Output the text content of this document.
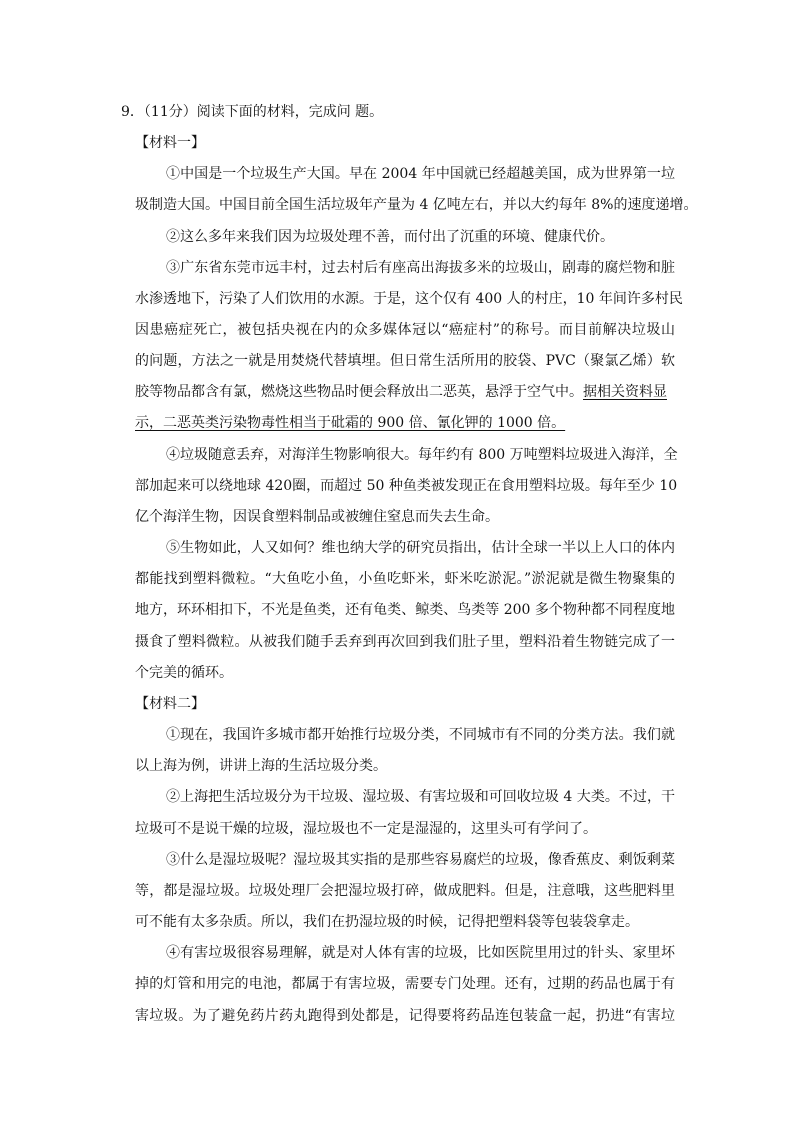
9．（11分）阅读下面的材料，完成问 题。
【材料一】
①中国是一个垃圾生产大国。早在 2004 年中国就已经超越美国，成为世界第一垃
圾制造大国。中国目前全国生活垃圾年产量为 4 亿吨左右，并以大约每年 8%的速度递增。
②这么多年来我们因为垃圾处理不善，而付出了沉重的环境、健康代价。
③广东省东莞市远丰村，过去村后有座高出海拔多米的垃圾山，剧毒的腐烂物和脏
水渗透地下，污染了人们饮用的水源。于是，这个仅有 400 人的村庄，10 年间许多村民
因患癌症死亡，被包括央视在内的众多媒体冠以“癌症村”的称号。而目前解决垃圾山
的问题，方法之一就是用焚烧代替填埋。但日常生活所用的胶袋、PVC（聚氯乙烯）软
胶等物品都含有氯，燃烧这些物品时便会释放出二恶英，悬浮于空气中。据相关资料显
示，二恶英类污染物毒性相当于砒霜的 900 倍、氰化钾的 1000 倍。
④垃圾随意丢弃，对海洋生物影响很大。每年约有 800 万吨塑料垃圾进入海洋，全
部加起来可以绕地球 420圈，而超过 50 种鱼类被发现正在食用塑料垃圾。每年至少 10
亿个海洋生物，因误食塑料制品或被缠住窒息而失去生命。
⑤生物如此，人又如何？维也纳大学的研究员指出，估计全球一半以上人口的体内
都能找到塑料微粒。“大鱼吃小鱼，小鱼吃虾米，虾米吃淤泥。”淤泥就是微生物聚集的
地方，环环相扣下，不光是鱼类，还有龟类、鲸类、鸟类等 200 多个物种都不同程度地
摄食了塑料微粒。从被我们随手丢弃到再次回到我们肚子里，塑料沿着生物链完成了一
个完美的循环。
【材料二】
①现在，我国许多城市都开始推行垃圾分类，不同城市有不同的分类方法。我们就
以上海为例，讲讲上海的生活垃圾分类。
②上海把生活垃圾分为干垃圾、湿垃圾、有害垃圾和可回收垃圾 4 大类。不过，干
垃圾可不是说干燥的垃圾，湿垃圾也不一定是湿湿的，这里头可有学问了。
③什么是湿垃圾呢？湿垃圾其实指的是那些容易腐烂的垃圾，像香蕉皮、剩饭剩菜
等，都是湿垃圾。垃圾处理厂会把湿垃圾打碎，做成肥料。但是，注意哦，这些肥料里
可不能有太多杂质。所以，我们在扔湿垃圾的时候，记得把塑料袋等包装袋拿走。
④有害垃圾很容易理解，就是对人体有害的垃圾，比如医院里用过的针头、家里坏
掉的灯管和用完的电池，都属于有害垃圾，需要专门处理。还有，过期的药品也属于有
害垃圾。为了避免药片药丸跑得到处都是，记得要将药品连包装盒一起，扔进“有害垃
